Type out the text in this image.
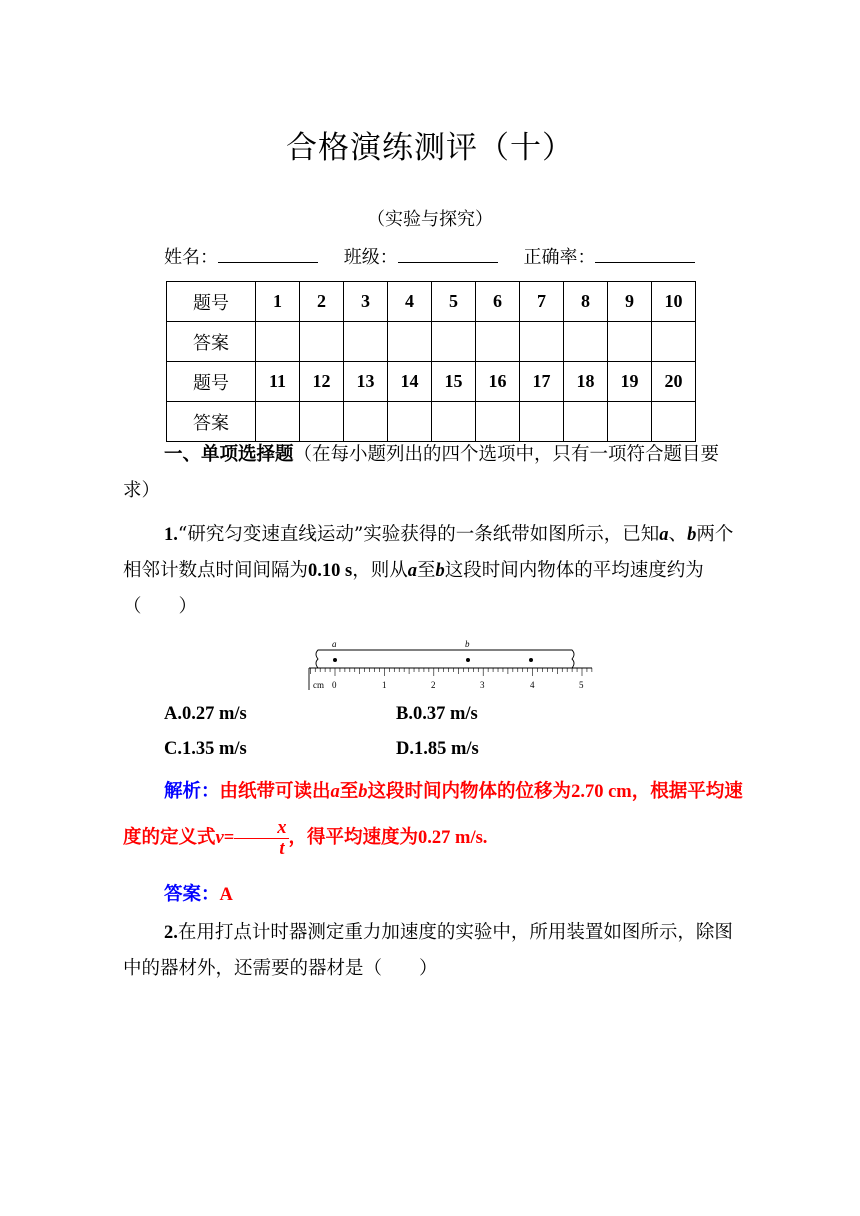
合格演练测评（十）
（实验与探究）
姓名：	班级：	正确率：
题号	1	2	3	4	5	6	7	8	9	10
答案										
题号	11	12	13	14	15	16	17	18	19	20
答案										
一、单项选择题（在每小题列出的四个选项中，只有一项符合题目要求）
1.“研究匀变速直线运动”实验获得的一条纸带如图所示，已知a、b两个相邻计数点时间间隔为0.10 s，则从a至b这段时间内物体的平均速度约为（　　）
a	b
cm 0	1	2	3	4	5
A.0.27 m/s	B.0.37 m/s
C.1.35 m/s	D.1.85 m/s
解析：由纸带可读出a至b这段时间内物体的位移为2.70 cm，根据平均速度的定义式$v= \frac{x}{t}$ ，得平均速度为0.27 m/s.
答案：A
2.在用打点计时器测定重力加速度的实验中，所用装置如图所示，除图中的器材外，还需要的器材是（　　）
